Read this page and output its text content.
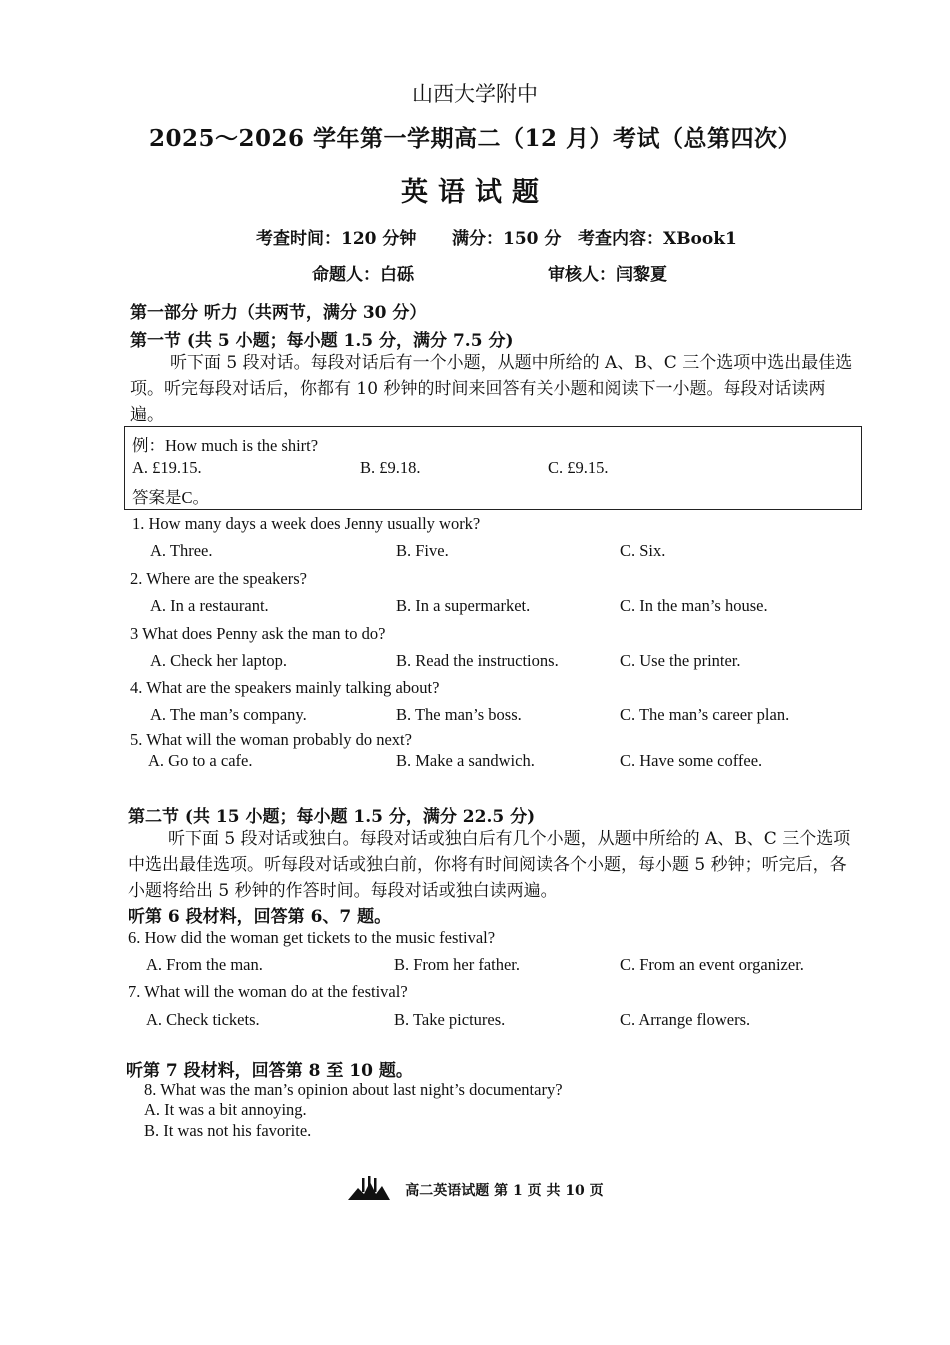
山西大学附中
2025～2026 学年第一学期高二（12 月）考试（总第四次）
英语试题
考查时间：120 分钟 满分：150 分 考查内容：XBook1
命题人：白砾	审核人：闫黎夏
第一部分 听力（共两节，满分 30 分）
第一节 (共 5 小题；每小题 1.5 分，满分 7.5 分)
听下面 5 段对话。每段对话后有一个小题，从题中所给的 A、B、C 三个选项中选出最佳选项。听完每段对话后，你都有 10 秒钟的时间来回答有关小题和阅读下一小题。每段对话读两遍。
例：How much is the shirt?
A. £19.15.	B. £9.18.	C. £9.15.
答案是C。
1. How many days a week does Jenny usually work?
A. Three.	B. Five.	C. Six.
2. Where are the speakers?
A. In a restaurant.	B. In a supermarket.	C. In the man’s house.
3 What does Penny ask the man to do?
A. Check her laptop.	B. Read the instructions.	C. Use the printer.
4. What are the speakers mainly talking about?
A. The man’s company.	B. The man’s boss.	C. The man’s career plan.
5. What will the woman probably do next?
A. Go to a cafe.	B. Make a sandwich.	C. Have some coffee.
第二节 (共 15 小题；每小题 1.5 分，满分 22.5 分)
听下面 5 段对话或独白。每段对话或独白后有几个小题，从题中所给的 A、B、C 三个选项中选出最佳选项。听每段对话或独白前，你将有时间阅读各个小题，每小题 5 秒钟；听完后，各小题将给出 5 秒钟的作答时间。每段对话或独白读两遍。
听第 6 段材料，回答第 6、7 题。
6. How did the woman get tickets to the music festival?
A. From the man.	B. From her father.	C. From an event organizer.
7. What will the woman do at the festival?
A. Check tickets.	B. Take pictures.	C. Arrange flowers.
听第 7 段材料，回答第 8 至 10 题。
8. What was the man’s opinion about last night’s documentary?
A. It was a bit annoying.
B. It was not his favorite.
高二英语试题 第 1 页 共 10 页
